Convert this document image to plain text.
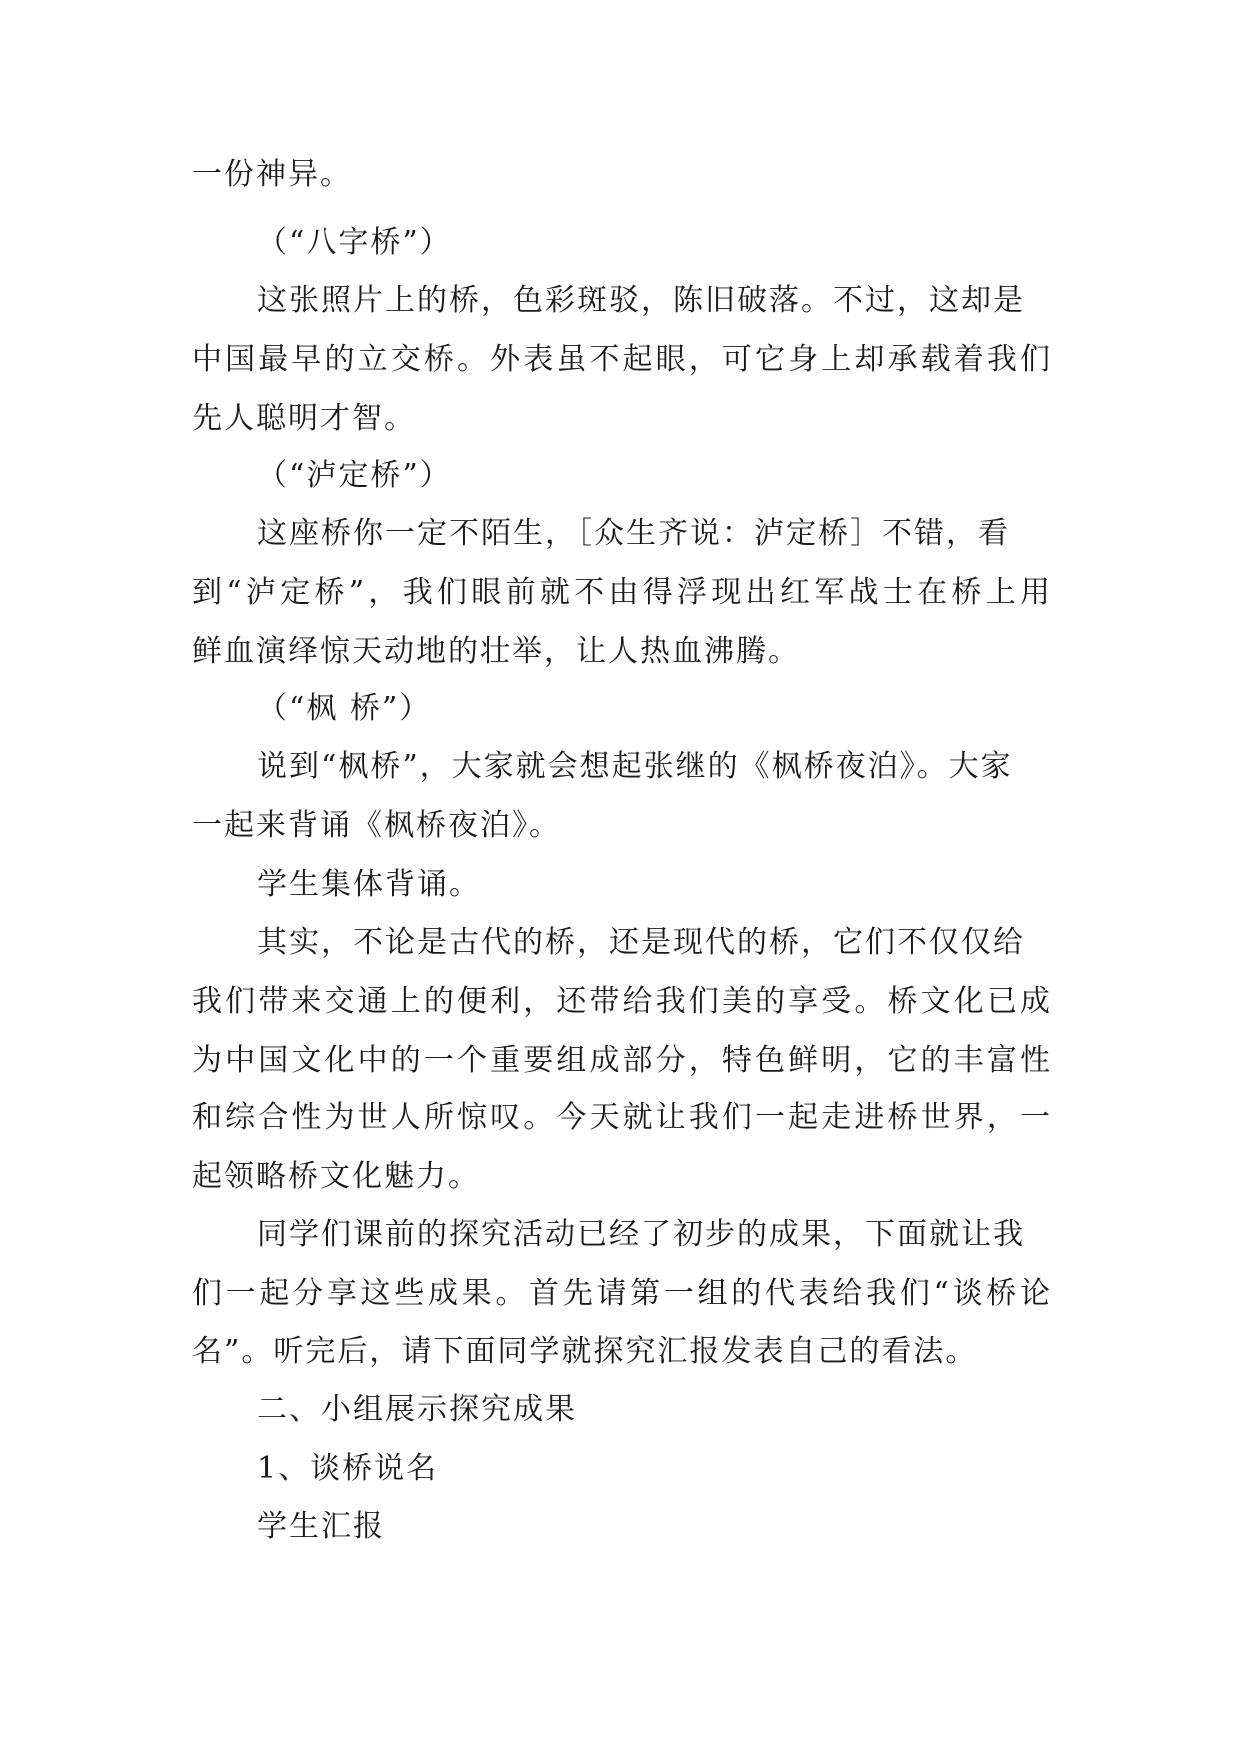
一份神异。

（“八字桥”）

这张照片上的桥，色彩斑驳，陈旧破落。不过，这却是

中国最早的立交桥。外表虽不起眼，可它身上却承载着我们

先人聪明才智。

（“泸定桥”）

这座桥你一定不陌生，［众生齐说：泸定桥］不错，看

到“泸定桥”，我们眼前就不由得浮现出红军战士在桥上用

鲜血演绎惊天动地的壮举，让人热血沸腾。

（“枫 桥”）

说到“枫桥”，大家就会想起张继的《枫桥夜泊》。大家

一起来背诵《枫桥夜泊》。

学生集体背诵。

其实，不论是古代的桥，还是现代的桥，它们不仅仅给

我们带来交通上的便利，还带给我们美的享受。桥文化已成

为中国文化中的一个重要组成部分，特色鲜明，它的丰富性

和综合性为世人所惊叹。今天就让我们一起走进桥世界，一

起领略桥文化魅力。

同学们课前的探究活动已经了初步的成果，下面就让我

们一起分享这些成果。首先请第一组的代表给我们“谈桥论

名”。听完后，请下面同学就探究汇报发表自己的看法。

二、小组展示探究成果

1、谈桥说名

学生汇报
